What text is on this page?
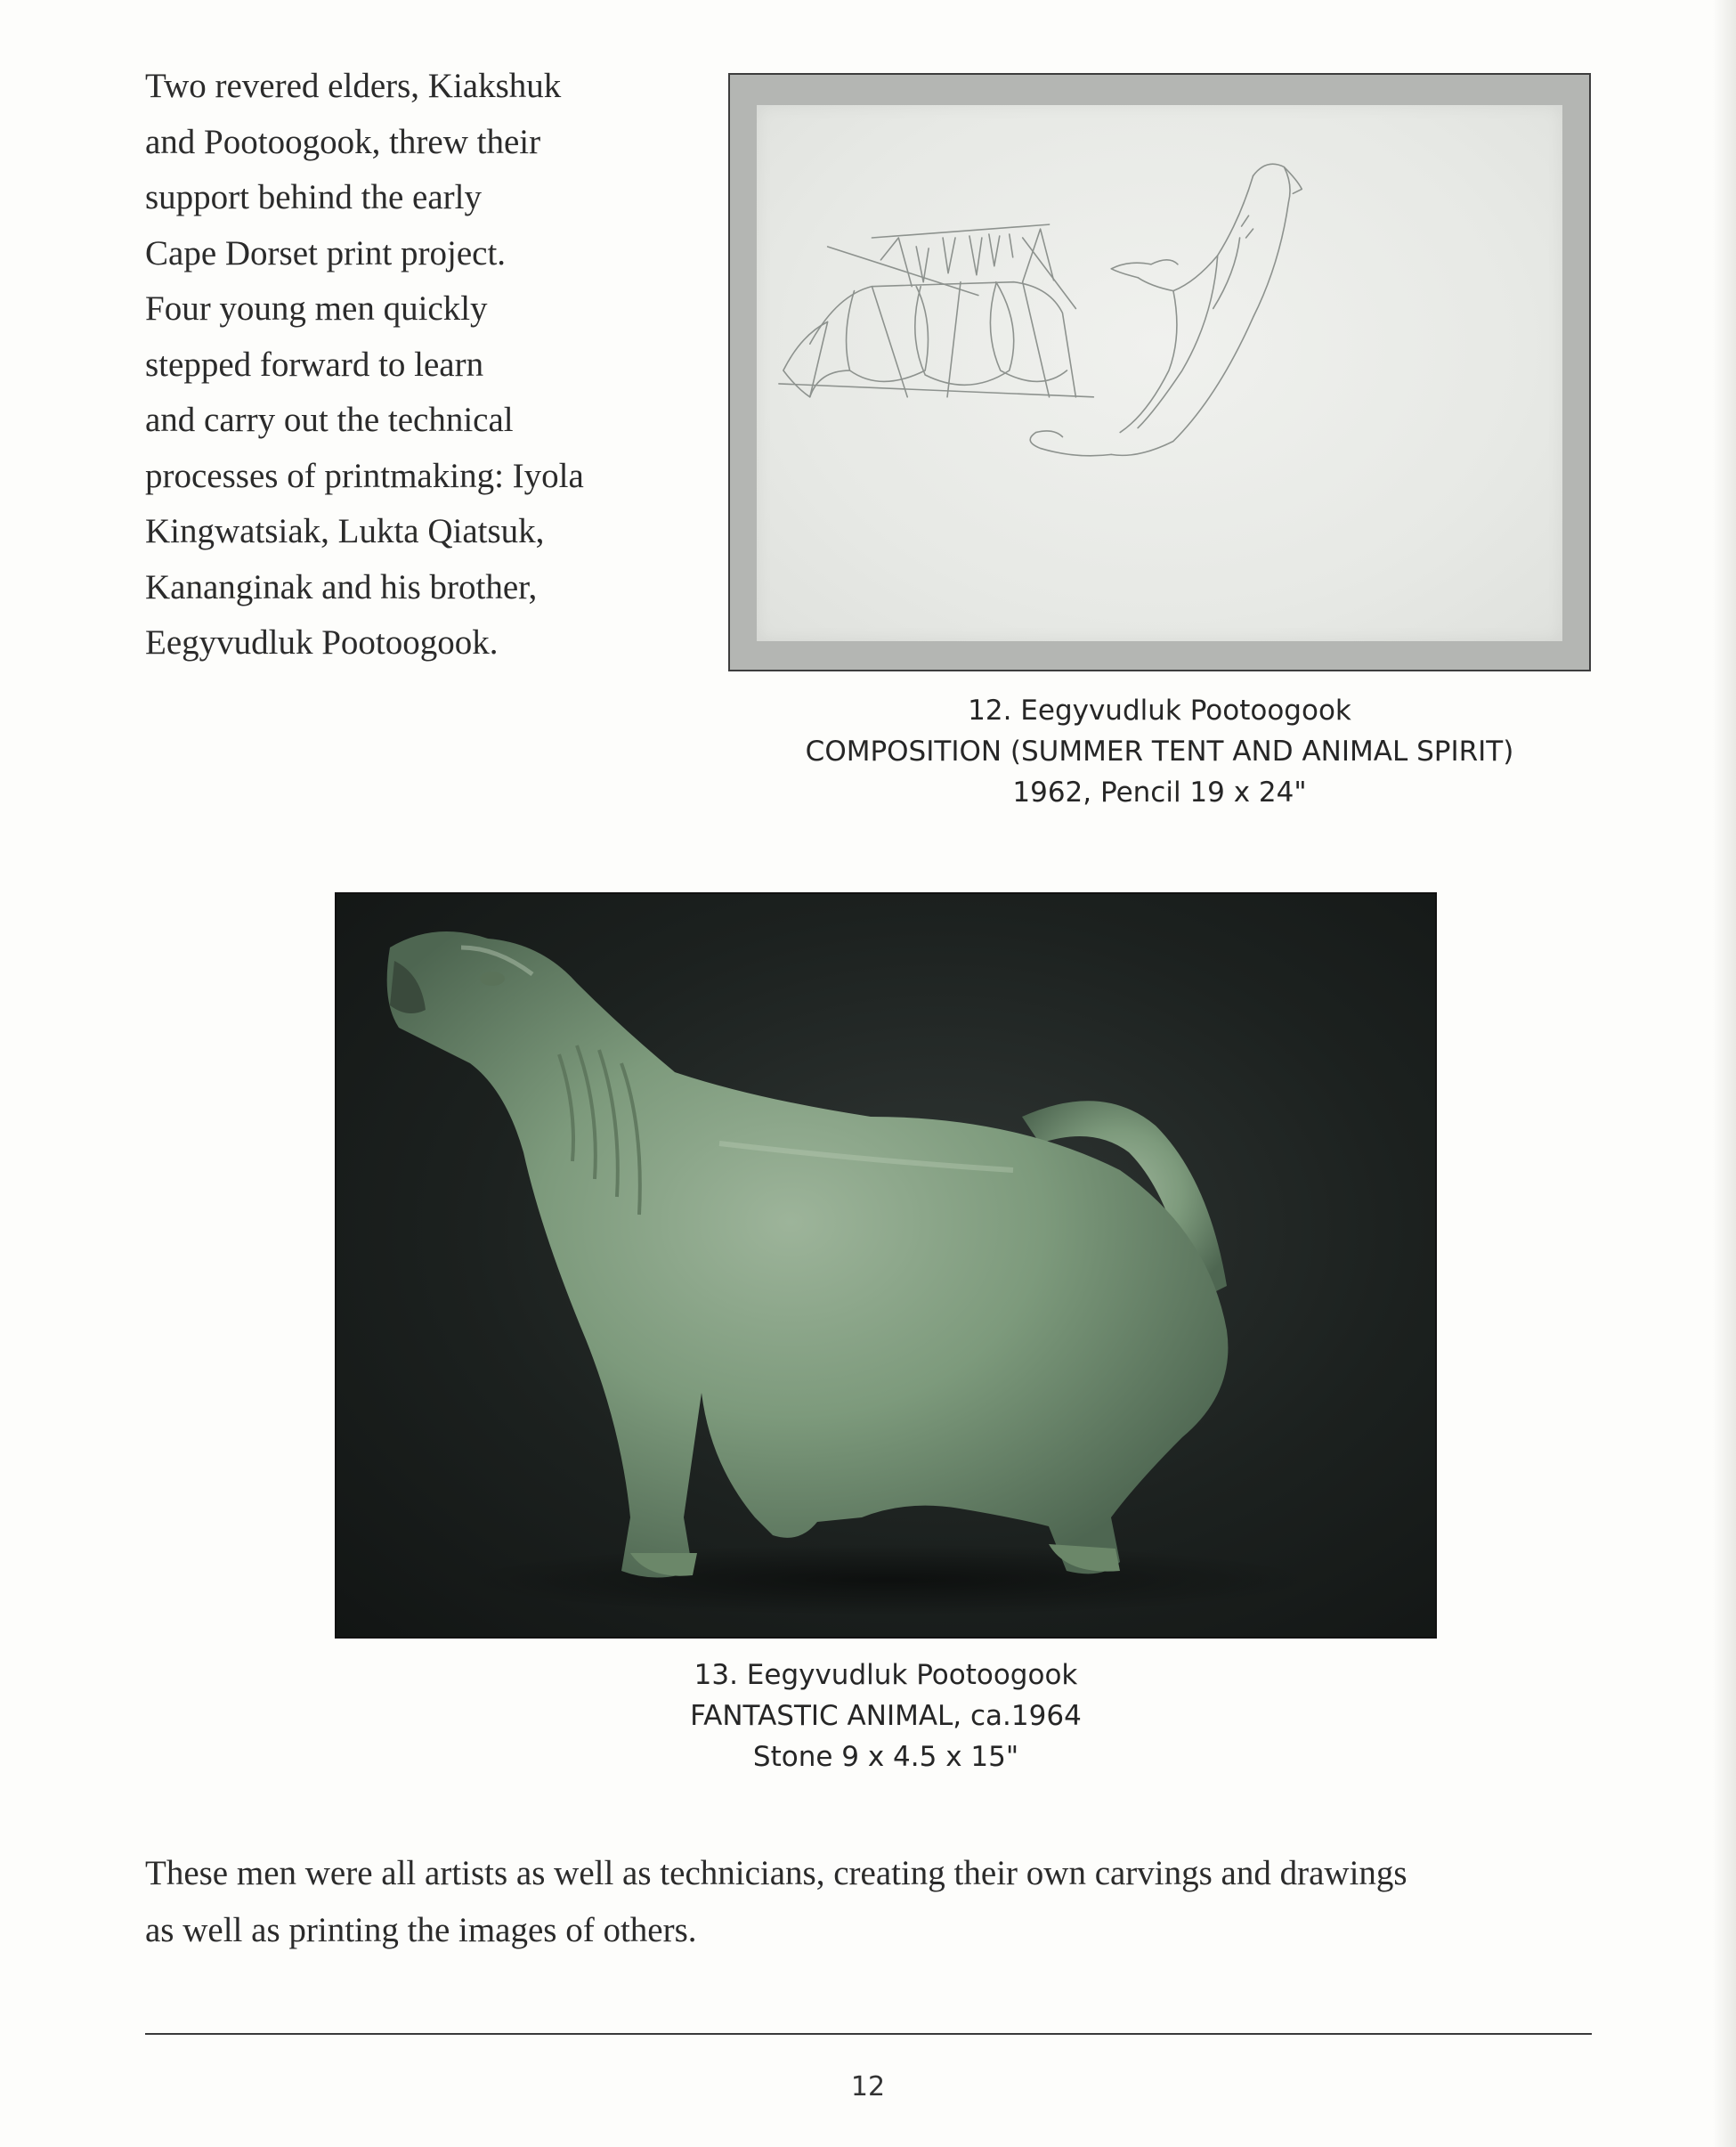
Two revered elders, Kiakshuk
and Pootoogook, threw their
support behind the early
Cape Dorset print project.
Four young men quickly
stepped forward to learn
and carry out the technical
processes of printmaking: Iyola
Kingwatsiak, Lukta Qiatsuk,
Kananginak and his brother,
Eegyvudluk Pootoogook.

12. Eegyvudluk Pootoogook
COMPOSITION (SUMMER TENT AND ANIMAL SPIRIT)
1962, Pencil 19 x 24"
13. Eegyvudluk Pootoogook
FANTASTIC ANIMAL, ca.1964
Stone 9 x 4.5 x 15"

These men were all artists as well as technicians, creating their own carvings and drawings
as well as printing the images of others.

12
